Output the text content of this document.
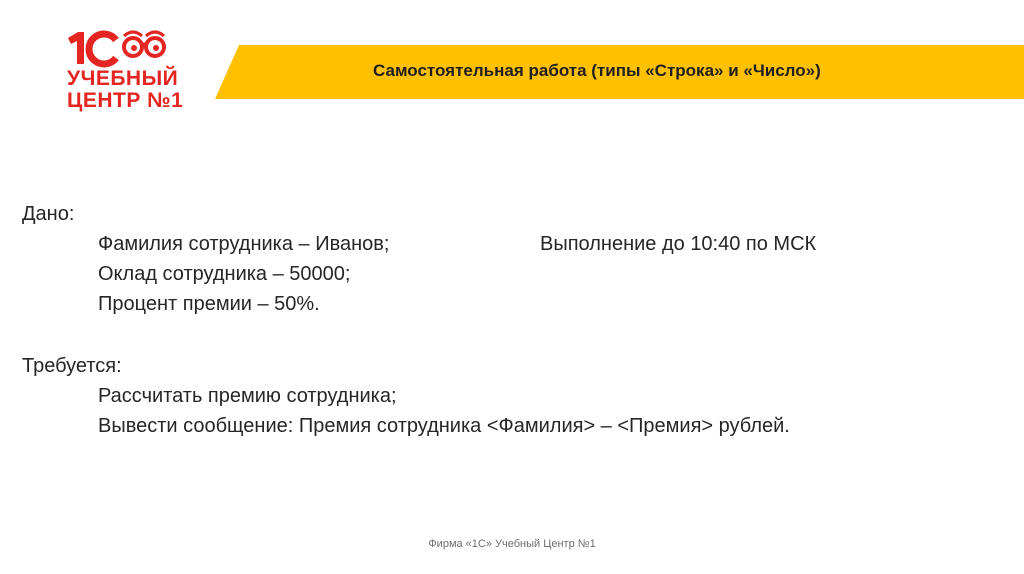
УЧЕБНЫЙ
ЦЕНТР №1
Самостоятельная работа (типы «Строка» и «Число»)
Дано:
Фамилия сотрудника – Иванов;	Выполнение до 10:40 по МСК
Оклад сотрудника – 50000;
Процент премии – 50%.
Требуется:
Рассчитать премию сотрудника;
Вывести сообщение: Премия сотрудника <Фамилия> – <Премия> рублей.
Фирма «1С» Учебный Центр №1
